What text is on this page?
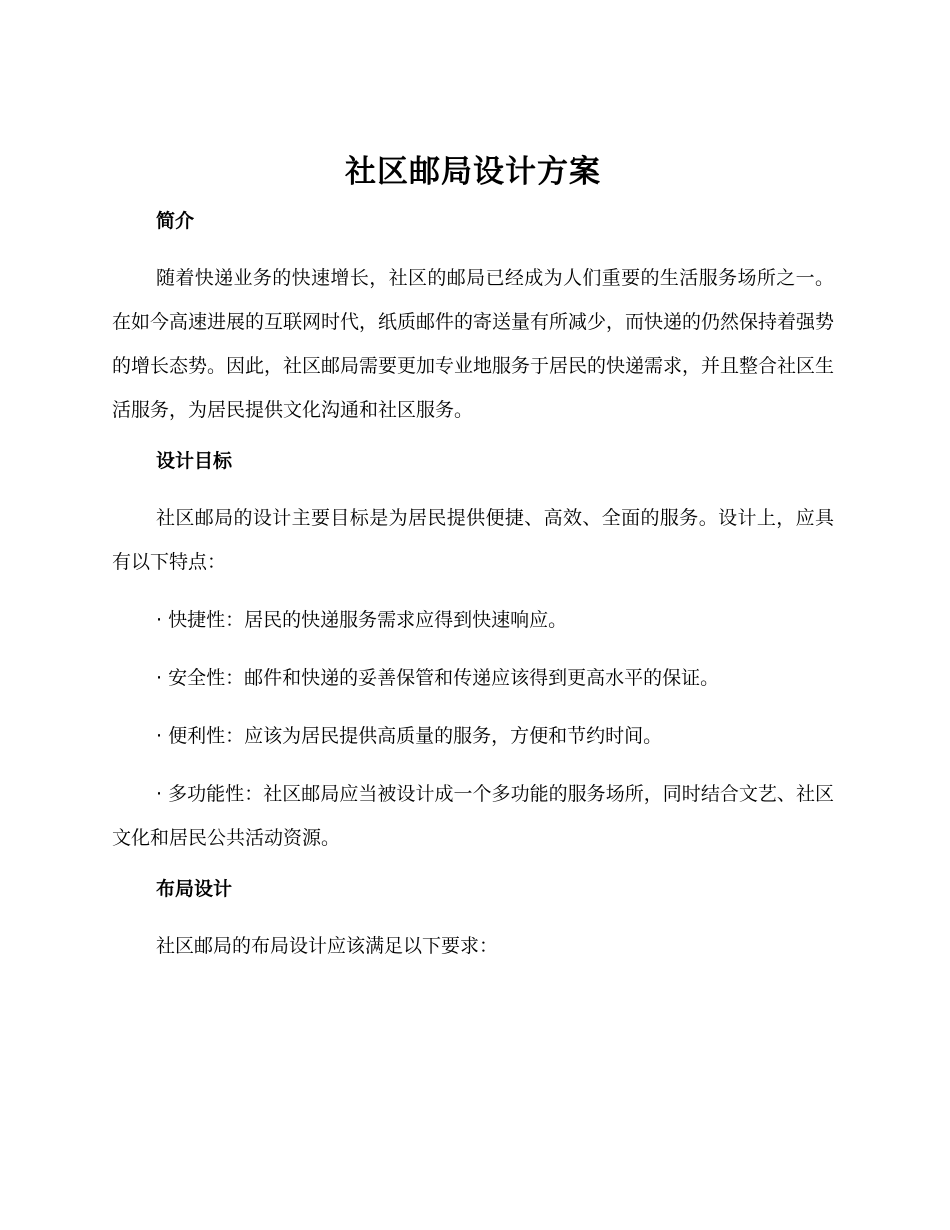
社区邮局设计方案
简介

随着快递业务的快速增长，社区的邮局已经成为人们重要的生活服务场所之一。在如今高速进展的互联网时代，纸质邮件的寄送量有所减少，而快递的仍然保持着强势的增长态势。因此，社区邮局需要更加专业地服务于居民的快递需求，并且整合社区生活服务，为居民提供文化沟通和社区服务。

设计目标

社区邮局的设计主要目标是为居民提供便捷、高效、全面的服务。设计上，应具有以下特点：

· 快捷性：居民的快递服务需求应得到快速响应。

· 安全性：邮件和快递的妥善保管和传递应该得到更高水平的保证。

· 便利性：应该为居民提供高质量的服务，方便和节约时间。

· 多功能性：社区邮局应当被设计成一个多功能的服务场所，同时结合文艺、社区文化和居民公共活动资源。

布局设计

社区邮局的布局设计应该满足以下要求：
